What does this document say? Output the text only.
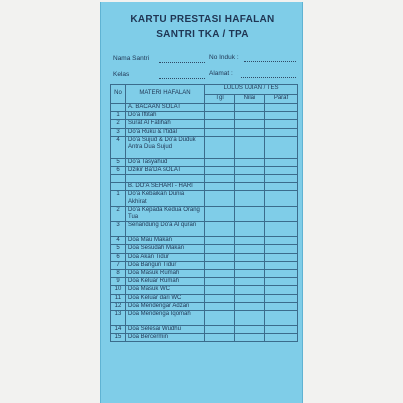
KARTU PRESTASI HAFALAN
SANTRI TKA / TPA
Nama Santri	No Induk :
Kelas	Alamat :
No	MATERI HAFALAN	LULUS UJIAN / TES		
		Tgl	Nilai	Paraf
	A. BACAAN SOLAT			
1	Do'a Iftitah			
2	Surat Al Fatihah			
3	Do'a Ruku & I'tidal			
4	Do'a Sujud & Do'a Duduk Antra Dua Sujud			
5	Do'a Tasyahud			
6	Dzikir Ba'DA sOLAT			

	B. DO'A SEHARI - HARI			
1	Do'a Kebaikan Dunia Akhirat			
2	Do'a Kepada Kedua Orang Tua			
3	Senandung Do'a Al quran			
4	Doa Mau Makan			
5	Doa Sesudah Makan			
6	Doa Akan Tidur			
7	Doa Bangun Tidur			
8	Doa Masuk Rumah			
9	Doa Keluar Rumah			
10	Doa Masuk WC			
11	Doa Keluar dari WC			
12	Doa Mendengar Adzan			
13	Doa Mendenga Iqomah			
14	Doa Selesai Wudhu			
15	Doa Bercermin			
